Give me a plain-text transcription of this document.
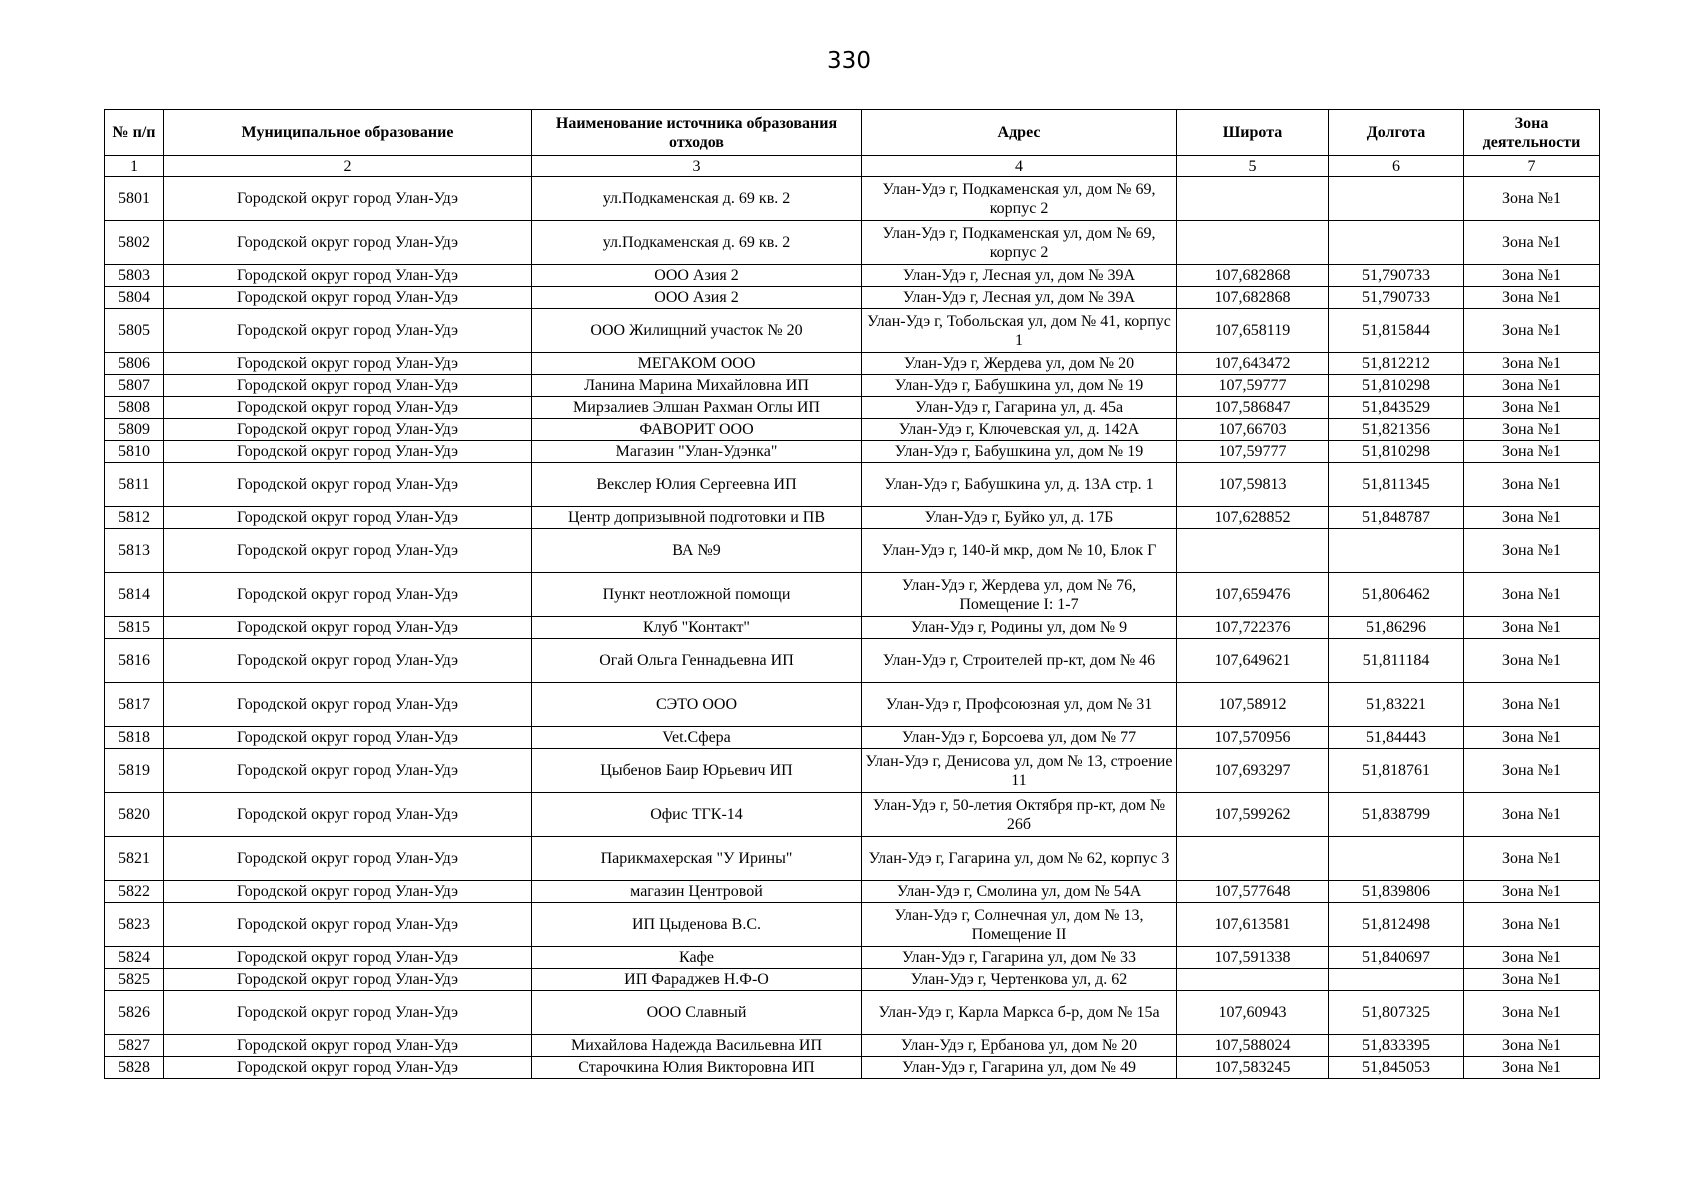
330
№ п/п	Муниципальное образование	Наименование источника образования отходов	Адрес	Широта	Долгота	Зона деятельности
1	2	3	4	5	6	7
5801	Городской округ город Улан-Удэ	ул.Подкаменская д. 69 кв. 2	Улан-Удэ г, Подкаменская ул, дом № 69, корпус 2			Зона №1
5802	Городской округ город Улан-Удэ	ул.Подкаменская д. 69 кв. 2	Улан-Удэ г, Подкаменская ул, дом № 69, корпус 2			Зона №1
5803	Городской округ город Улан-Удэ	ООО Азия 2	Улан-Удэ г, Лесная ул, дом № 39А	107,682868	51,790733	Зона №1
5804	Городской округ город Улан-Удэ	ООО Азия 2	Улан-Удэ г, Лесная ул, дом № 39А	107,682868	51,790733	Зона №1
5805	Городской округ город Улан-Удэ	ООО Жилищний участок № 20	Улан-Удэ г, Тобольская ул, дом № 41, корпус 1	107,658119	51,815844	Зона №1
5806	Городской округ город Улан-Удэ	МЕГАКОМ ООО	Улан-Удэ г, Жердева ул, дом № 20	107,643472	51,812212	Зона №1
5807	Городской округ город Улан-Удэ	Ланина Марина Михайловна ИП	Улан-Удэ г, Бабушкина ул, дом № 19	107,59777	51,810298	Зона №1
5808	Городской округ город Улан-Удэ	Мирзалиев Элшан Рахман Оглы ИП	Улан-Удэ г, Гагарина ул, д. 45а	107,586847	51,843529	Зона №1
5809	Городской округ город Улан-Удэ	ФАВОРИТ ООО	Улан-Удэ г, Ключевская ул, д. 142А	107,66703	51,821356	Зона №1
5810	Городской округ город Улан-Удэ	Магазин "Улан-Удэнка"	Улан-Удэ г, Бабушкина ул, дом № 19	107,59777	51,810298	Зона №1
5811	Городской округ город Улан-Удэ	Векслер Юлия Сергеевна ИП	Улан-Удэ г, Бабушкина ул, д. 13А стр. 1	107,59813	51,811345	Зона №1
5812	Городской округ город Улан-Удэ	Центр допризывной подготовки и ПВ	Улан-Удэ г, Буйко ул, д. 17Б	107,628852	51,848787	Зона №1
5813	Городской округ город Улан-Удэ	ВА №9	Улан-Удэ г, 140-й мкр, дом № 10, Блок Г			Зона №1
5814	Городской округ город Улан-Удэ	Пункт неотложной помощи	Улан-Удэ г, Жердева ул, дом № 76, Помещение I: 1-7	107,659476	51,806462	Зона №1
5815	Городской округ город Улан-Удэ	Клуб "Контакт"	Улан-Удэ г, Родины ул, дом № 9	107,722376	51,86296	Зона №1
5816	Городской округ город Улан-Удэ	Огай Ольга Геннадьевна ИП	Улан-Удэ г, Строителей пр-кт, дом № 46	107,649621	51,811184	Зона №1
5817	Городской округ город Улан-Удэ	СЭТО ООО	Улан-Удэ г, Профсоюзная ул, дом № 31	107,58912	51,83221	Зона №1
5818	Городской округ город Улан-Удэ	Vet.Сфера	Улан-Удэ г, Борсоева ул, дом № 77	107,570956	51,84443	Зона №1
5819	Городской округ город Улан-Удэ	Цыбенов Баир Юрьевич ИП	Улан-Удэ г, Денисова ул, дом № 13, строение 11	107,693297	51,818761	Зона №1
5820	Городской округ город Улан-Удэ	Офис ТГК-14	Улан-Удэ г, 50-летия Октября пр-кт, дом № 26б	107,599262	51,838799	Зона №1
5821	Городской округ город Улан-Удэ	Парикмахерская "У Ирины"	Улан-Удэ г, Гагарина ул, дом № 62, корпус 3			Зона №1
5822	Городской округ город Улан-Удэ	магазин Центровой	Улан-Удэ г, Смолина ул, дом № 54А	107,577648	51,839806	Зона №1
5823	Городской округ город Улан-Удэ	ИП Цыденова В.С.	Улан-Удэ г, Солнечная ул, дом № 13, Помещение II	107,613581	51,812498	Зона №1
5824	Городской округ город Улан-Удэ	Кафе	Улан-Удэ г, Гагарина ул, дом № 33	107,591338	51,840697	Зона №1
5825	Городской округ город Улан-Удэ	ИП Фараджев Н.Ф-О	Улан-Удэ г, Чертенкова ул, д. 62			Зона №1
5826	Городской округ город Улан-Удэ	ООО Славный	Улан-Удэ г, Карла Маркса б-р, дом № 15а	107,60943	51,807325	Зона №1
5827	Городской округ город Улан-Удэ	Михайлова Надежда Васильевна ИП	Улан-Удэ г, Ербанова ул, дом № 20	107,588024	51,833395	Зона №1
5828	Городской округ город Улан-Удэ	Старочкина Юлия Викторовна ИП	Улан-Удэ г, Гагарина ул, дом № 49	107,583245	51,845053	Зона №1
